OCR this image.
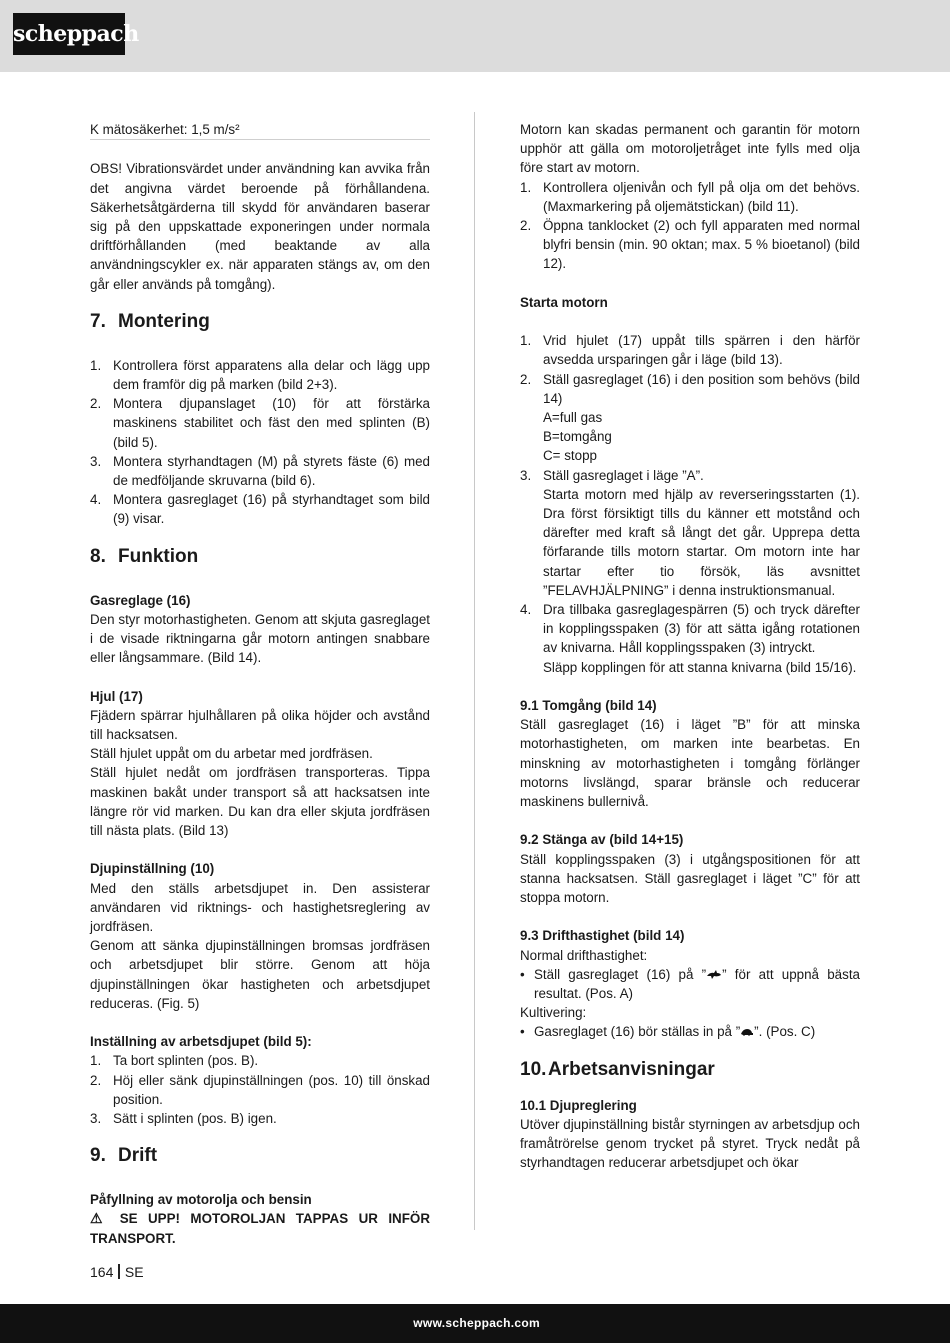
scheppach

K mätosäkerhet: 1,5 m/s²

OBS! Vibrationsvärdet under användning kan avvika från det angivna värdet beroende på förhållandena. Säkerhetsåtgärderna till skydd för användaren baserar sig på den uppskattade exponeringen under normala driftförhållanden (med beaktande av alla användningscykler ex. när apparaten stängs av, om den går eller används på tomgång).

7. Montering
1. Kontrollera först apparatens alla delar och lägg upp dem framför dig på marken (bild 2+3).
2. Montera djupanslaget (10) för att förstärka maskinens stabilitet och fäst den med splinten (B) (bild 5).
3. Montera styrhandtagen (M) på styrets fäste (6) med de medföljande skruvarna (bild 6).
4. Montera gasreglaget (16) på styrhandtaget som bild (9) visar.
8. Funktion

Gasreglage (16)

Den styr motorhastigheten. Genom att skjuta gasreglaget i de visade riktningarna går motorn antingen snabbare eller långsammare. (Bild 14).

Hjul (17)

Fjädern spärrar hjulhållaren på olika höjder och avstånd till hacksatsen.

Ställ hjulet uppåt om du arbetar med jordfräsen.

Ställ hjulet nedåt om jordfräsen transporteras. Tippa maskinen bakåt under transport så att hacksatsen inte längre rör vid marken. Du kan dra eller skjuta jordfräsen till nästa plats. (Bild 13)

Djupinställning (10)

Med den ställs arbetsdjupet in. Den assisterar användaren vid riktnings- och hastighetsreglering av jordfräsen.

Genom att sänka djupinställningen bromsas jordfräsen och arbetsdjupet blir större. Genom att höja djupinställningen ökar hastigheten och arbetsdjupet reduceras. (Fig. 5)

Inställning av arbetsdjupet (bild 5):

1. Ta bort splinten (pos. B).
2. Höj eller sänk djupinställningen (pos. 10) till önskad position.
3. Sätt i splinten (pos. B) igen.
9. Drift

Påfyllning av motorolja och bensin

⚠ SE UPP! MOTOROLJAN TAPPAS UR INFÖR TRANSPORT.

Motorn kan skadas permanent och garantin för motorn upphör att gälla om motoroljetråget inte fylls med olja före start av motorn.

1. Kontrollera oljenivån och fyll på olja om det behövs. (Maxmarkering på oljemätstickan) (bild 11).
2. Öppna tanklocket (2) och fyll apparaten med normal blyfri bensin (min. 90 oktan; max. 5 % bioetanol) (bild 12).

Starta motorn

1. Vrid hjulet (17) uppåt tills spärren i den härför avsedda ursparingen går i läge (bild 13).
2. Ställ gasreglaget (16) i den position som behövs (bild 14)
A=full gas
B=tomgång
C= stopp
3. Ställ gasreglaget i läge ”A”.
Starta motorn med hjälp av reverseringsstarten (1). Dra först försiktigt tills du känner ett motstånd och därefter med kraft så långt det går. Upprepa detta förfarande tills motorn startar. Om motorn inte har startar efter tio försök, läs avsnittet ”FELAVHJÄLPNING” i denna instruktionsmanual.
4. Dra tillbaka gasreglagespärren (5) och tryck därefter in kopplingsspaken (3) för att sätta igång rotationen av knivarna. Håll kopplingsspaken (3) intryckt.
Släpp kopplingen för att stanna knivarna (bild 15/16).

9.1 Tomgång (bild 14)

Ställ gasreglaget (16) i läget ”B” för att minska motorhastigheten, om marken inte bearbetas. En minskning av motorhastigheten i tomgång förlänger motorns livslängd, sparar bränsle och reducerar maskinens bullernivå.

9.2 Stänga av (bild 14+15)

Ställ kopplingsspaken (3) i utgångspositionen för att stanna hacksatsen. Ställ gasreglaget i läget ”C” för att stoppa motorn.

9.3 Drifthastighet (bild 14)

Normal drifthastighet:

• Ställ gasreglaget (16) på ” ” för att uppnå bästa resultat. (Pos. A)

Kultivering:

• Gasreglaget (16) bör ställas in på ” ”. (Pos. C)
10.Arbetsanvisningar

10.1 Djupreglering

Utöver djupinställning bistår styrningen av arbetsdjup och framåtrörelse genom trycket på styret. Tryck nedåt på styrhandtagen reducerar arbetsdjupet och ökar

164 SE
www.scheppach.com
